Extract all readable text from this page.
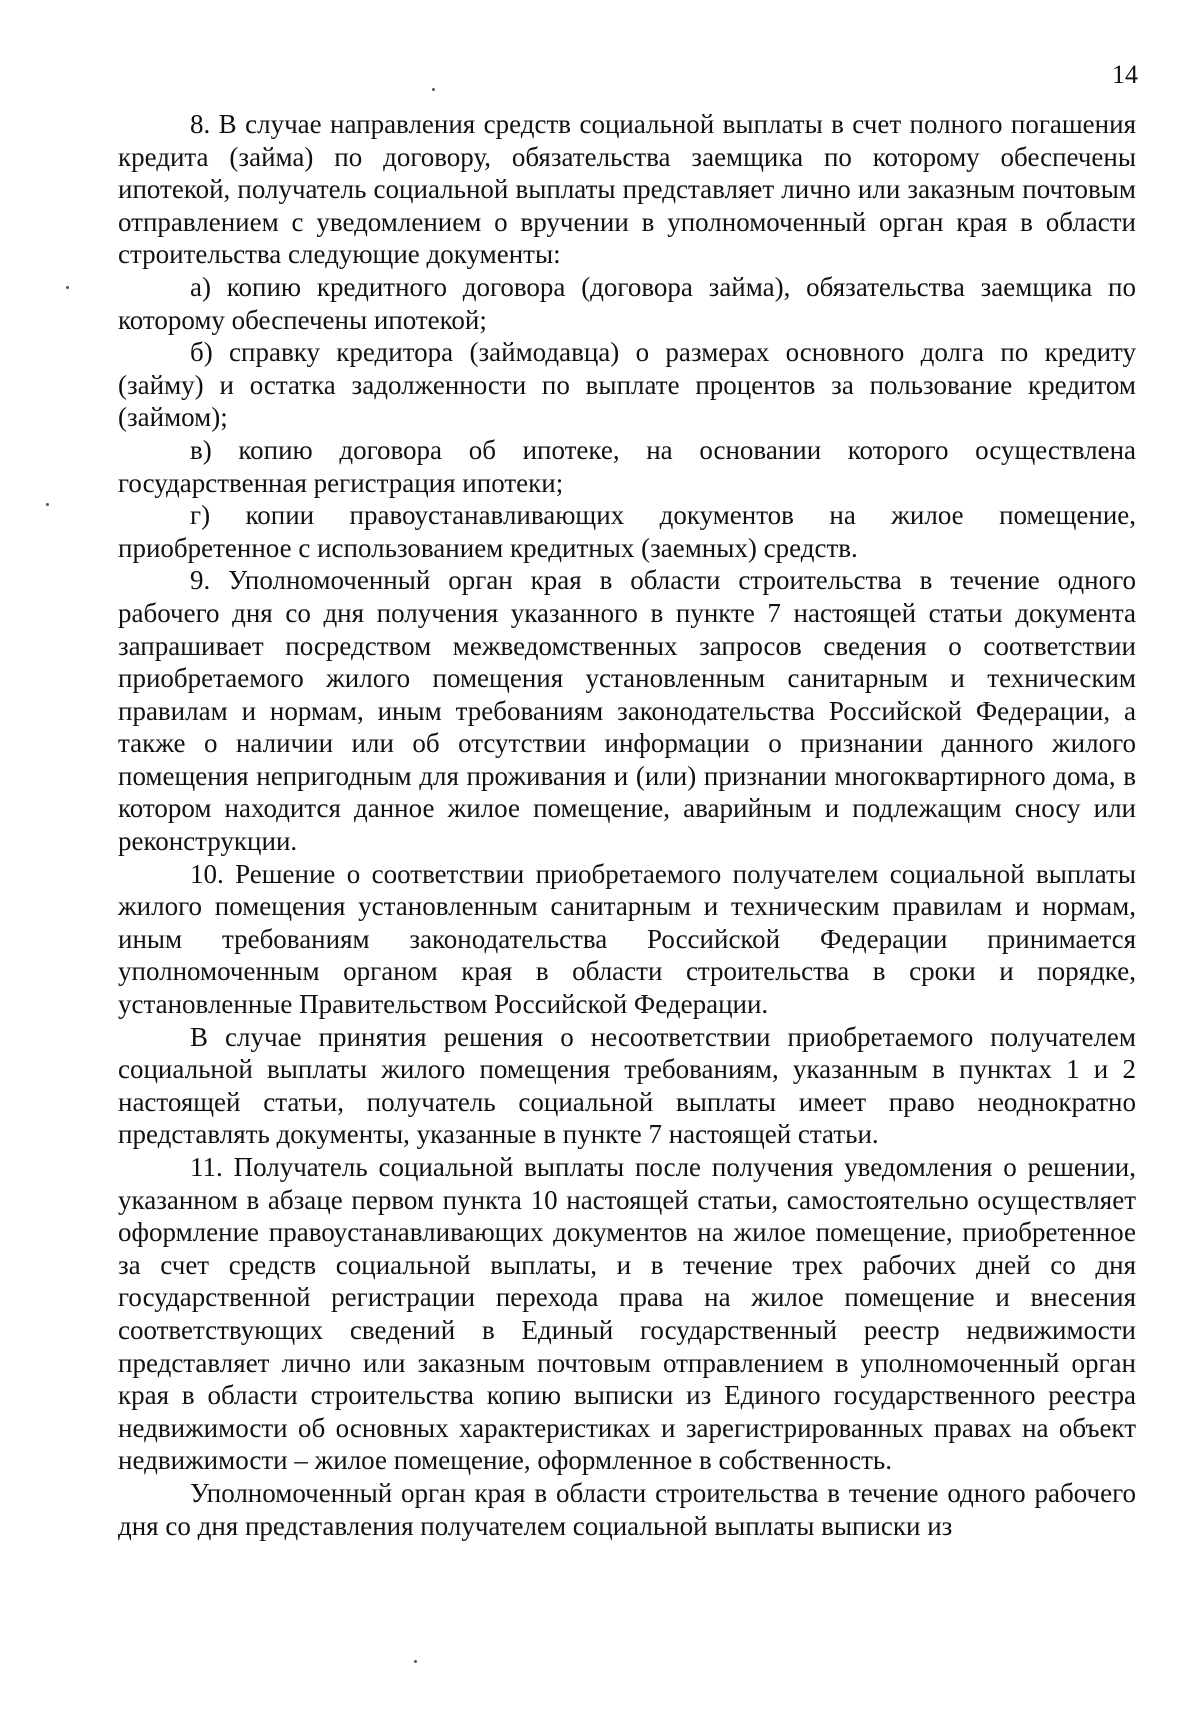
14

8. В случае направления средств социальной выплаты в счет полного погашения кредита (займа) по договору, обязательства заемщика по которому обеспечены ипотекой, получатель социальной выплаты представляет лично или заказным почтовым отправлением с уведомлением о вручении в уполномоченный орган края в области строительства следующие документы:

а) копию кредитного договора (договора займа), обязательства заемщика по которому обеспечены ипотекой;

б) справку кредитора (займодавца) о размерах основного долга по кредиту (займу) и остатка задолженности по выплате процентов за пользование кредитом (займом);

в) копию договора об ипотеке, на основании которого осуществлена государственная регистрация ипотеки;

г) копии правоустанавливающих документов на жилое помещение, приобретенное с использованием кредитных (заемных) средств.

9. Уполномоченный орган края в области строительства в течение одного рабочего дня со дня получения указанного в пункте 7 настоящей статьи документа запрашивает посредством межведомственных запросов сведения о соответствии приобретаемого жилого помещения установленным санитарным и техническим правилам и нормам, иным требованиям законодательства Российской Федерации, а также о наличии или об отсутствии информации о признании данного жилого помещения непригодным для проживания и (или) признании многоквартирного дома, в котором находится данное жилое помещение, аварийным и подлежащим сносу или реконструкции.

10. Решение о соответствии приобретаемого получателем социальной выплаты жилого помещения установленным санитарным и техническим правилам и нормам, иным требованиям законодательства Российской Федерации принимается уполномоченным органом края в области строительства в сроки и порядке, установленные Правительством Российской Федерации.

В случае принятия решения о несоответствии приобретаемого получателем социальной выплаты жилого помещения требованиям, указанным в пунктах 1 и 2 настоящей статьи, получатель социальной выплаты имеет право неоднократно представлять документы, указанные в пункте 7 настоящей статьи.

11. Получатель социальной выплаты после получения уведомления о решении, указанном в абзаце первом пункта 10 настоящей статьи, самостоятельно осуществляет оформление правоустанавливающих документов на жилое помещение, приобретенное за счет средств социальной выплаты, и в течение трех рабочих дней со дня государственной регистрации перехода права на жилое помещение и внесения соответствующих сведений в Единый государственный реестр недвижимости представляет лично или заказным почтовым отправлением в уполномоченный орган края в области строительства копию выписки из Единого государственного реестра недвижимости об основных характеристиках и зарегистрированных правах на объект недвижимости – жилое помещение, оформленное в собственность.

Уполномоченный орган края в области строительства в течение одного рабочего дня со дня представления получателем социальной выплаты выписки из
